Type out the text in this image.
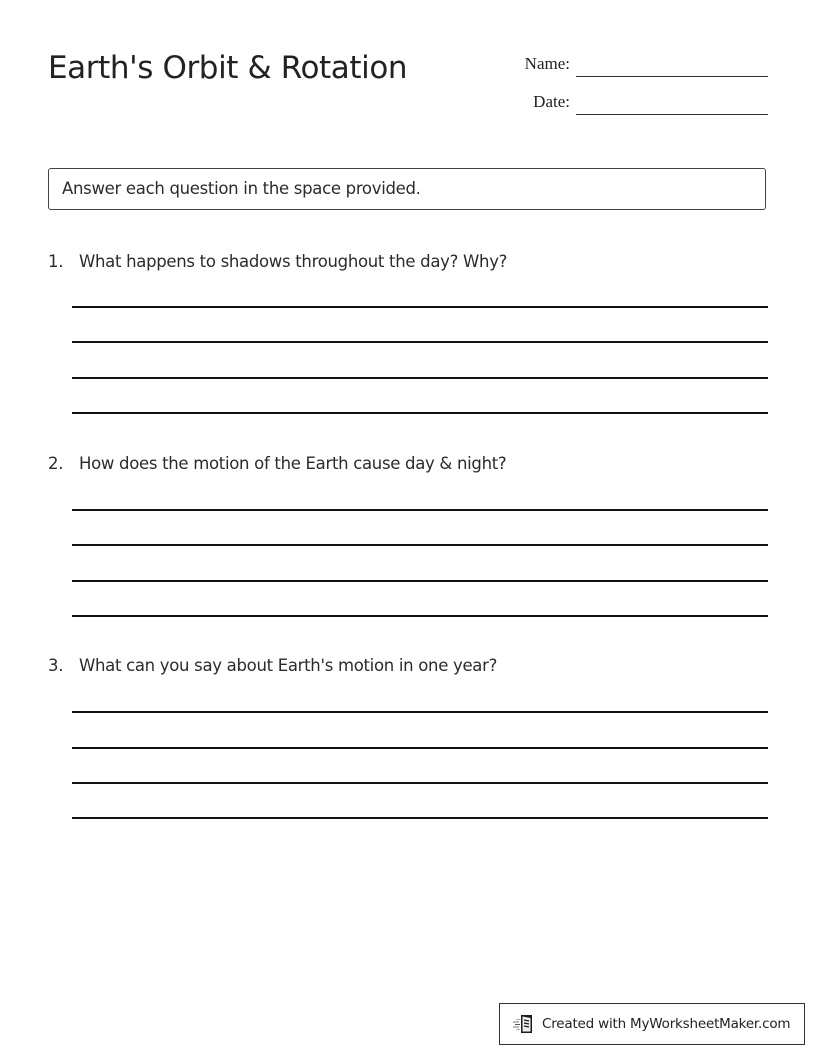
Earth's Orbit & Rotation	Name:
Date:
Answer each question in the space provided.
1. What happens to shadows throughout the day? Why?
2. How does the motion of the Earth cause day & night?
3. What can you say about Earth's motion in one year?
Created with MyWorksheetMaker.com
